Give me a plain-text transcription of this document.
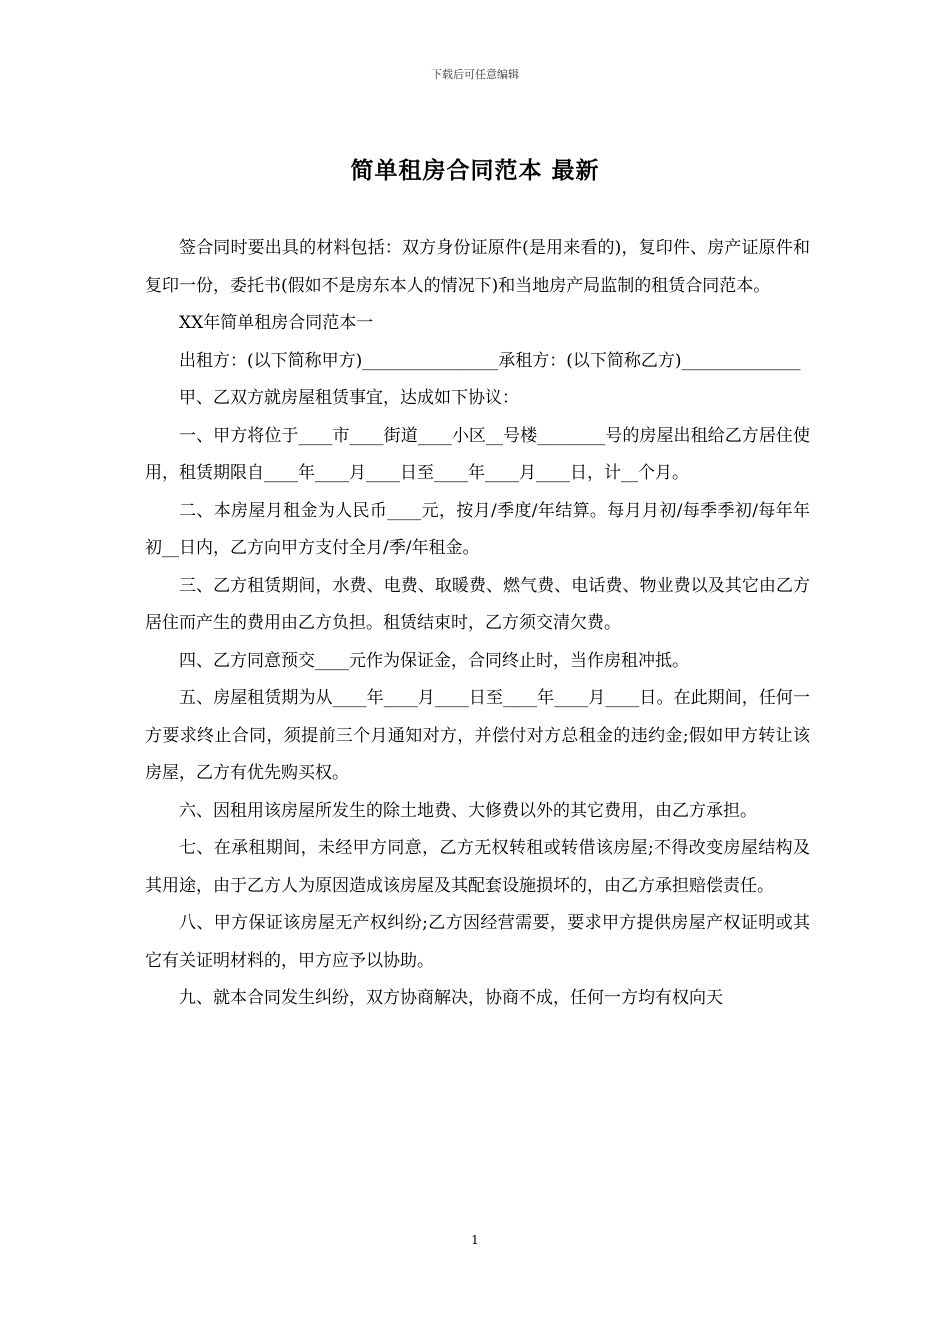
下载后可任意编辑
简单租房合同范本 最新

签合同时要出具的材料包括：双方身份证原件(是用来看的)，复印件、房产证原件和复印一份，委托书(假如不是房东本人的情况下)和当地房产局监制的租赁合同范本。

XX年简单租房合同范本一

出租方：(以下简称甲方)________________承租方：(以下简称乙方)______________

甲、乙双方就房屋租赁事宜，达成如下协议：

一、甲方将位于____市____街道____小区__号楼________号的房屋出租给乙方居住使用，租赁期限自____年____月____日至____年____月____日，计__个月。

二、本房屋月租金为人民币____元，按月/季度/年结算。每月月初/每季季初/每年年初__日内，乙方向甲方支付全月/季/年租金。

三、乙方租赁期间，水费、电费、取暖费、燃气费、电话费、物业费以及其它由乙方居住而产生的费用由乙方负担。租赁结束时，乙方须交清欠费。

四、乙方同意预交____元作为保证金，合同终止时，当作房租冲抵。

五、房屋租赁期为从____年____月____日至____年____月____日。在此期间，任何一方要求终止合同，须提前三个月通知对方，并偿付对方总租金的违约金;假如甲方转让该房屋，乙方有优先购买权。

六、因租用该房屋所发生的除土地费、大修费以外的其它费用，由乙方承担。

七、在承租期间，未经甲方同意，乙方无权转租或转借该房屋;不得改变房屋结构及其用途，由于乙方人为原因造成该房屋及其配套设施损坏的，由乙方承担赔偿责任。

八、甲方保证该房屋无产权纠纷;乙方因经营需要，要求甲方提供房屋产权证明或其它有关证明材料的，甲方应予以协助。

九、就本合同发生纠纷，双方协商解决，协商不成，任何一方均有权向天

1
